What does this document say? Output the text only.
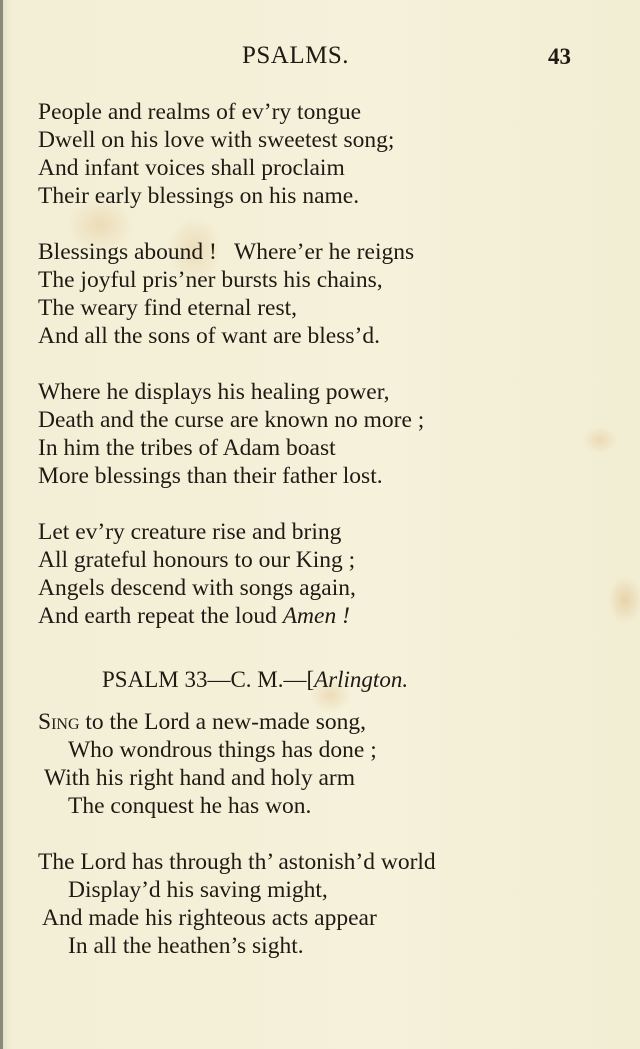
PSALMS.	43
People and realms of ev’ry tongue
Dwell on his love with sweetest song;
And infant voices shall proclaim
Their early blessings on his name.
Blessings abound !   Where’er he reigns
The joyful pris’ner bursts his chains,
The weary find eternal rest,
And all the sons of want are bless’d.
Where he displays his healing power,
Death and the curse are known no more ;
In him the tribes of Adam boast
More blessings than their father lost.
Let ev’ry creature rise and bring
All grateful honours to our King ;
Angels descend with songs again,
And earth repeat the loud Amen !
PSALM 33—C. M.—[Arlington.
Sing to the Lord a new-made song,
Who wondrous things has done ;
With his right hand and holy arm
The conquest he has won.
The Lord has through th’ astonish’d world
Display’d his saving might,
And made his righteous acts appear
In all the heathen’s sight.
